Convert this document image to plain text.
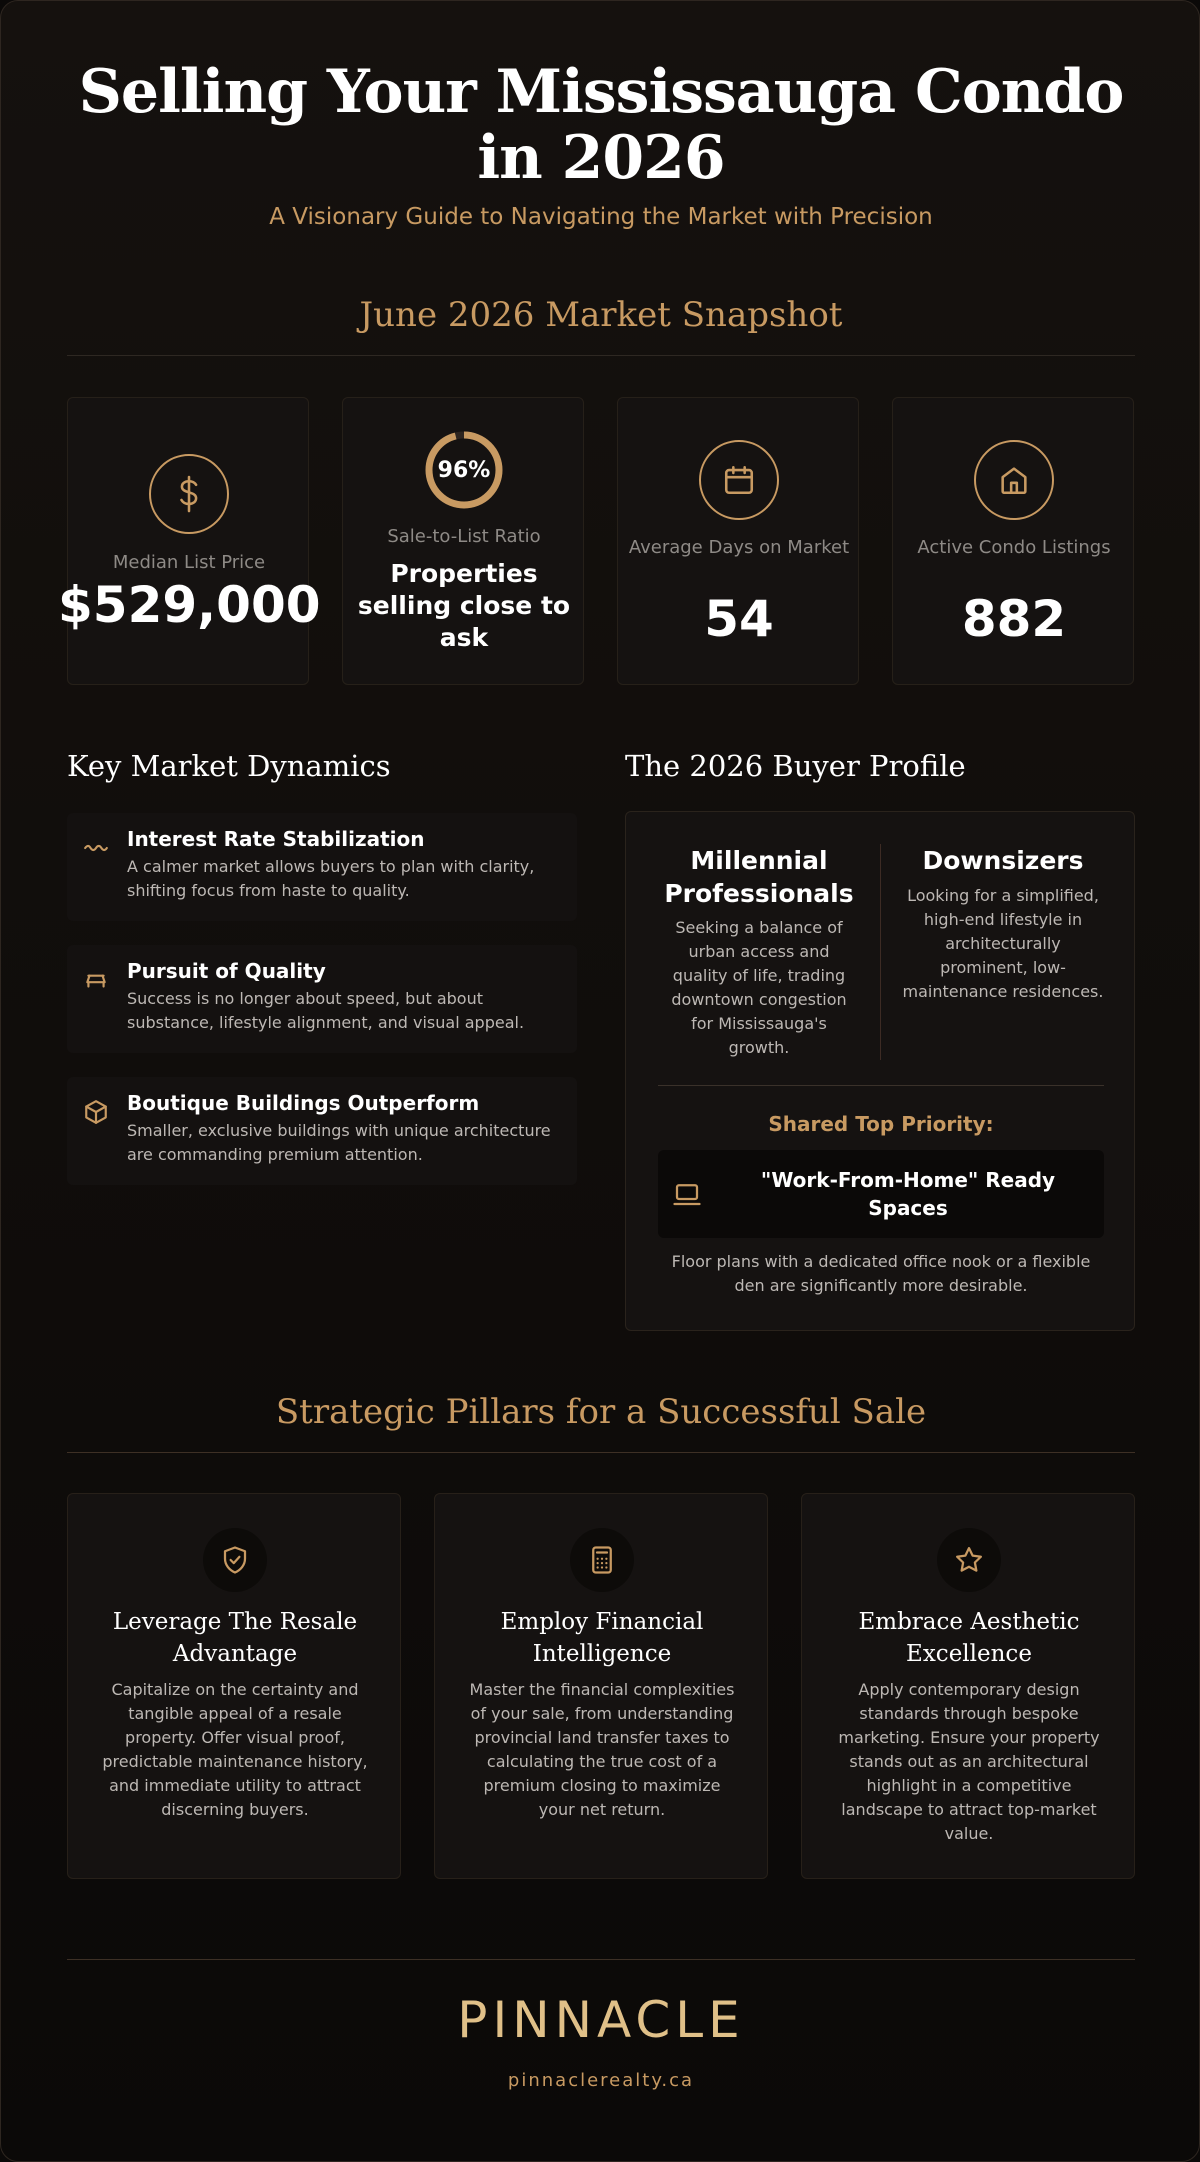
Selling Your Mississauga Condo in 2026
A Visionary Guide to Navigating the Market with Precision
June 2026 Market Snapshot
Median List Price
$529,000
96%
Sale-to-List Ratio
Properties selling close to ask
Average Days on Market
54
Active Condo Listings
882
Key Market Dynamics
Interest Rate Stabilization
A calmer market allows buyers to plan with clarity, shifting focus from haste to quality.
Pursuit of Quality
Success is no longer about speed, but about substance, lifestyle alignment, and visual appeal.
Boutique Buildings Outperform
Smaller, exclusive buildings with unique architecture are commanding premium attention.
The 2026 Buyer Profile
Millennial Professionals
Seeking a balance of urban access and quality of life, trading downtown congestion for Mississauga's growth.
Downsizers
Looking for a simplified, high-end lifestyle in architecturally prominent, low-maintenance residences.
Shared Top Priority:
"Work-From-Home" Ready Spaces
Floor plans with a dedicated office nook or a flexible den are significantly more desirable.
Strategic Pillars for a Successful Sale
Leverage The Resale Advantage
Capitalize on the certainty and tangible appeal of a resale property. Offer visual proof, predictable maintenance history, and immediate utility to attract discerning buyers.
Employ Financial Intelligence
Master the financial complexities of your sale, from understanding provincial land transfer taxes to calculating the true cost of a premium closing to maximize your net return.
Embrace Aesthetic Excellence
Apply contemporary design standards through bespoke marketing. Ensure your property stands out as an architectural highlight in a competitive landscape to attract top-market value.
PINNACLE
pinnaclerealty.ca
